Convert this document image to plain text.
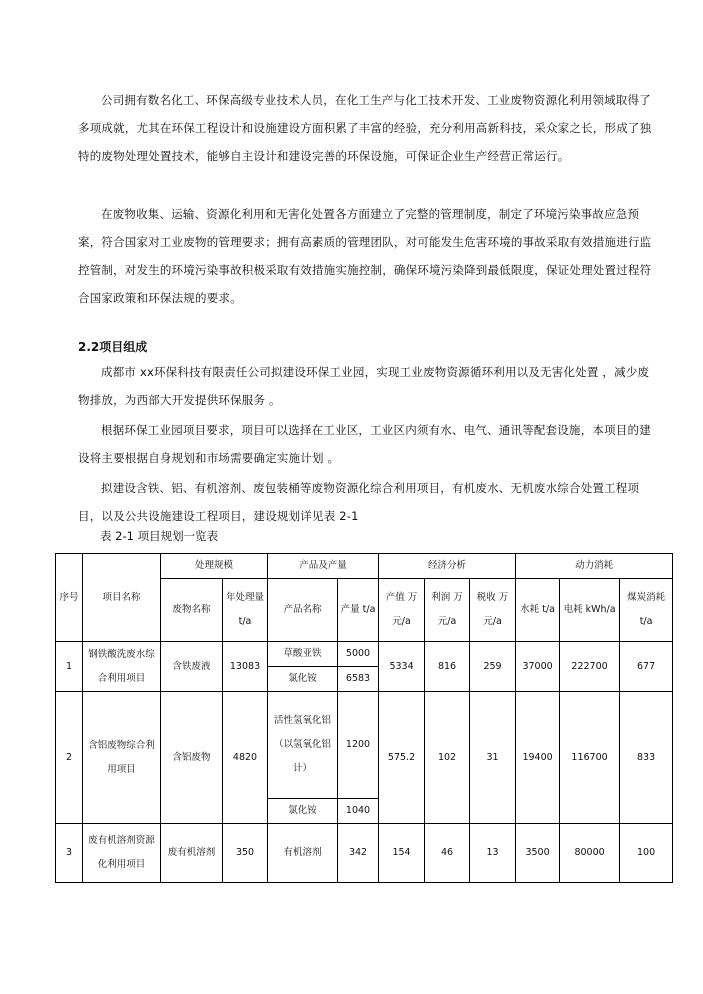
公司拥有数名化工、环保高级专业技术人员，在化工生产与化工技术开发、工业废物资源化利用领域取得了多项成就，尤其在环保工程设计和设施建设方面积累了丰富的经验，充分利用高新科技，采众家之长，形成了独特的废物处理处置技术，能够自主设计和建设完善的环保设施，可保证企业生产经营正常运行。
在废物收集、运输、资源化利用和无害化处置各方面建立了完整的管理制度，制定了环境污染事故应急预案，符合国家对工业废物的管理要求；拥有高素质的管理团队，对可能发生危害环境的事故采取有效措施进行监控管制，对发生的环境污染事故积极采取有效措施实施控制，确保环境污染降到最低限度，保证处理处置过程符合国家政策和环保法规的要求。
2.2项目组成
成都市 xx环保科技有限责任公司拟建设环保工业园，实现工业废物资源循环利用以及无害化处置 ，减少废物排放，为西部大开发提供环保服务 。
根据环保工业园项目要求，项目可以选择在工业区，工业区内须有水、电气、通讯等配套设施，本项目的建设将主要根据自身规划和市场需要确定实施计划 。
拟建设含铁、铝、有机溶剂、废包装桶等废物资源化综合利用项目，有机废水、无机废水综合处置工程项目，以及公共设施建设工程项目，建设规划详见表 2-1
表 2-1 项目规划一览表
序号	项目名称	处理规模		产品及产量		经济分析			动力消耗		
		废物名称	年处理量 t/a	产品名称	产量 t/a	产值 万元/a	利润 万元/a	税收 万元/a	水耗 t/a	电耗 kWh/a	煤炭消耗 t/a
1	钢铁酸洗废水综合利用项目	含铁废液	13083	草酸亚铁	5000	5334	816	259	37000	222700	677
				氯化铵	6583						
2	含铝废物综合利用项目	含铝废物	4820	活性氢氧化铝（以氢氧化铝计）	1200	575.2	102	31	19400	116700	833
				氯化铵	1040						
3	废有机溶剂资源化利用项目	废有机溶剂	350	有机溶剂	342	154	46	13	3500	80000	100
